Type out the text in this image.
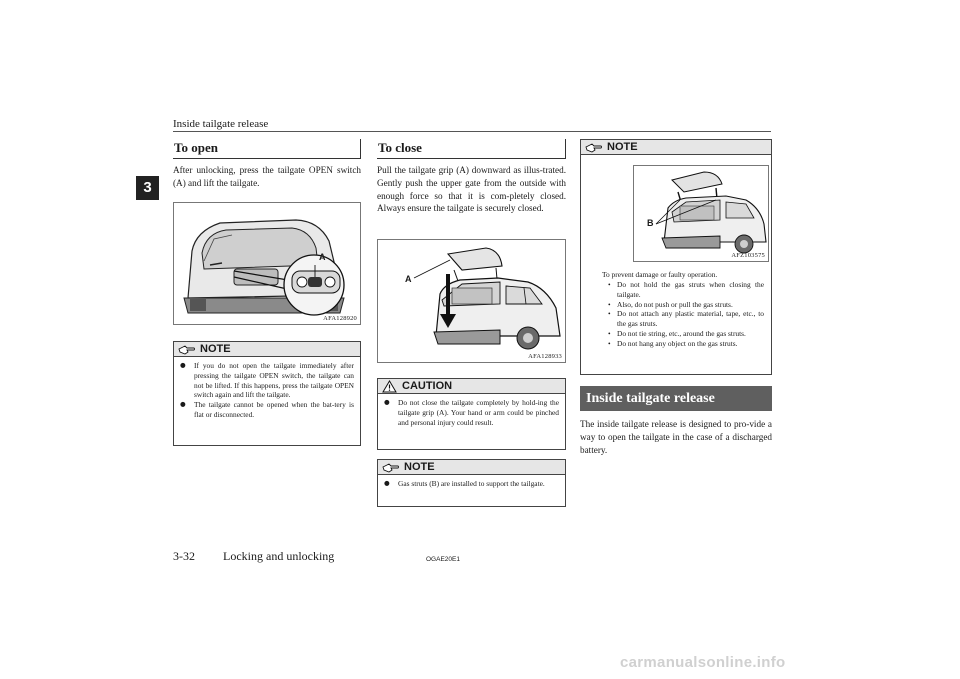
Inside tailgate release
3
To open
After unlocking, press the tailgate OPEN switch (A) and lift the tailgate.
A
AFA128920
NOTE
● If you do not open the tailgate immediately after pressing the tailgate OPEN switch, the tailgate can not be lifted. If this happens, press the tailgate OPEN switch again and lift the tailgate.
● The tailgate cannot be opened when the bat-tery is flat or disconnected.
To close
Pull the tailgate grip (A) downward as illus-trated. Gently push the upper gate from the outside with enough force so that it is com-pletely closed. Always ensure the tailgate is securely closed.
A
AFA128933
CAUTION
● Do not close the tailgate completely by hold-ing the tailgate grip (A). Your hand or arm could be pinched and personal injury could result.
NOTE
● Gas struts (B) are installed to support the tailgate.
NOTE
B
AFZ103575
To prevent damage or faulty operation.
• Do not hold the gas struts when closing the tailgate.
• Also, do not push or pull the gas struts.
• Do not attach any plastic material, tape, etc., to the gas struts.
• Do not tie string, etc., around the gas struts.
• Do not hang any object on the gas struts.
Inside tailgate release
The inside tailgate release is designed to pro-vide a way to open the tailgate in the case of a discharged battery.
3-32 Locking and unlocking	OGAE20E1
carmanualsonline.info
